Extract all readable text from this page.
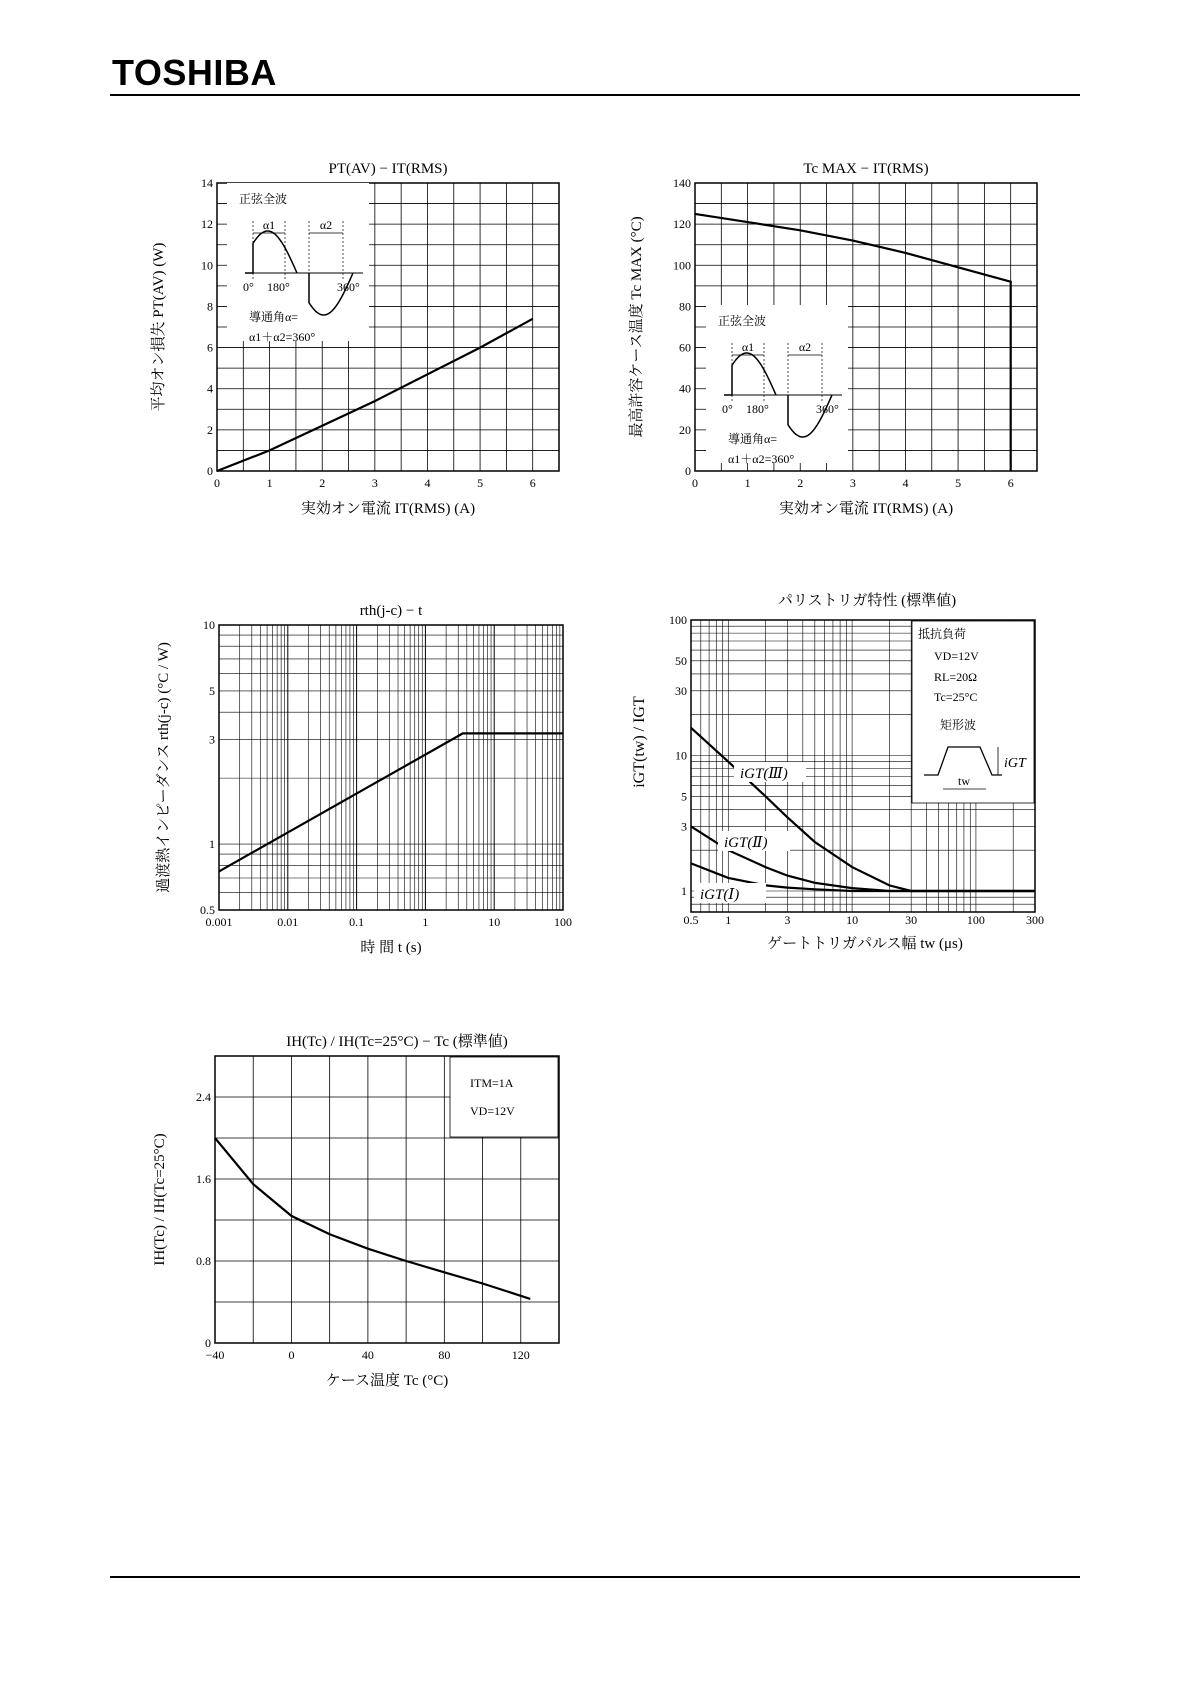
TOSHIBA
正弦全波
α1	α2
0° 180°	360°
導通角α=
α1＋α2=360°
0	1	2	3	4	5	6
0
2
4
6
8
10
12
14
PT(AV) − IT(RMS)
実効オン電流 IT(RMS) (A)
平均オン損失 PT(AV) (W)	正弦全波
α1	α2
0° 180°	360°
導通角α=
α1＋α2=360°
0	1	2	3	4	5	6
0
20
40
60
80
100
120
140
Tc MAX − IT(RMS)
実効オン電流 IT(RMS) (A)
最高許容ケース温度 Tc MAX (°C)
0.001	0.01	0.1	1	10	100
0.5
1
3
5
10
rth(j-c) − t
時 間 t (s)
過渡熱インピーダンス rth(j-c) (°C / W)
抵抗負荷
VD=12V
RL=20Ω
Tc=25°C
矩形波
iGT
tw
iGT(Ⅲ)
iGT(Ⅱ)
iGT(Ⅰ)
0.5 1	3	10	30	100	300
1
3
5
10
30
50
100
パリストリガ特性 (標準値)
ゲートトリガパルス幅 tw (μs)
iGT(tw) / IGT
ITM=1A
VD=12V
−40	0	40	80	120
0
0.8
1.6
2.4
IH(Tc) / IH(Tc=25°C) − Tc (標準値)
ケース温度 Tc (°C)
IH(Tc) / IH(Tc=25°C)
